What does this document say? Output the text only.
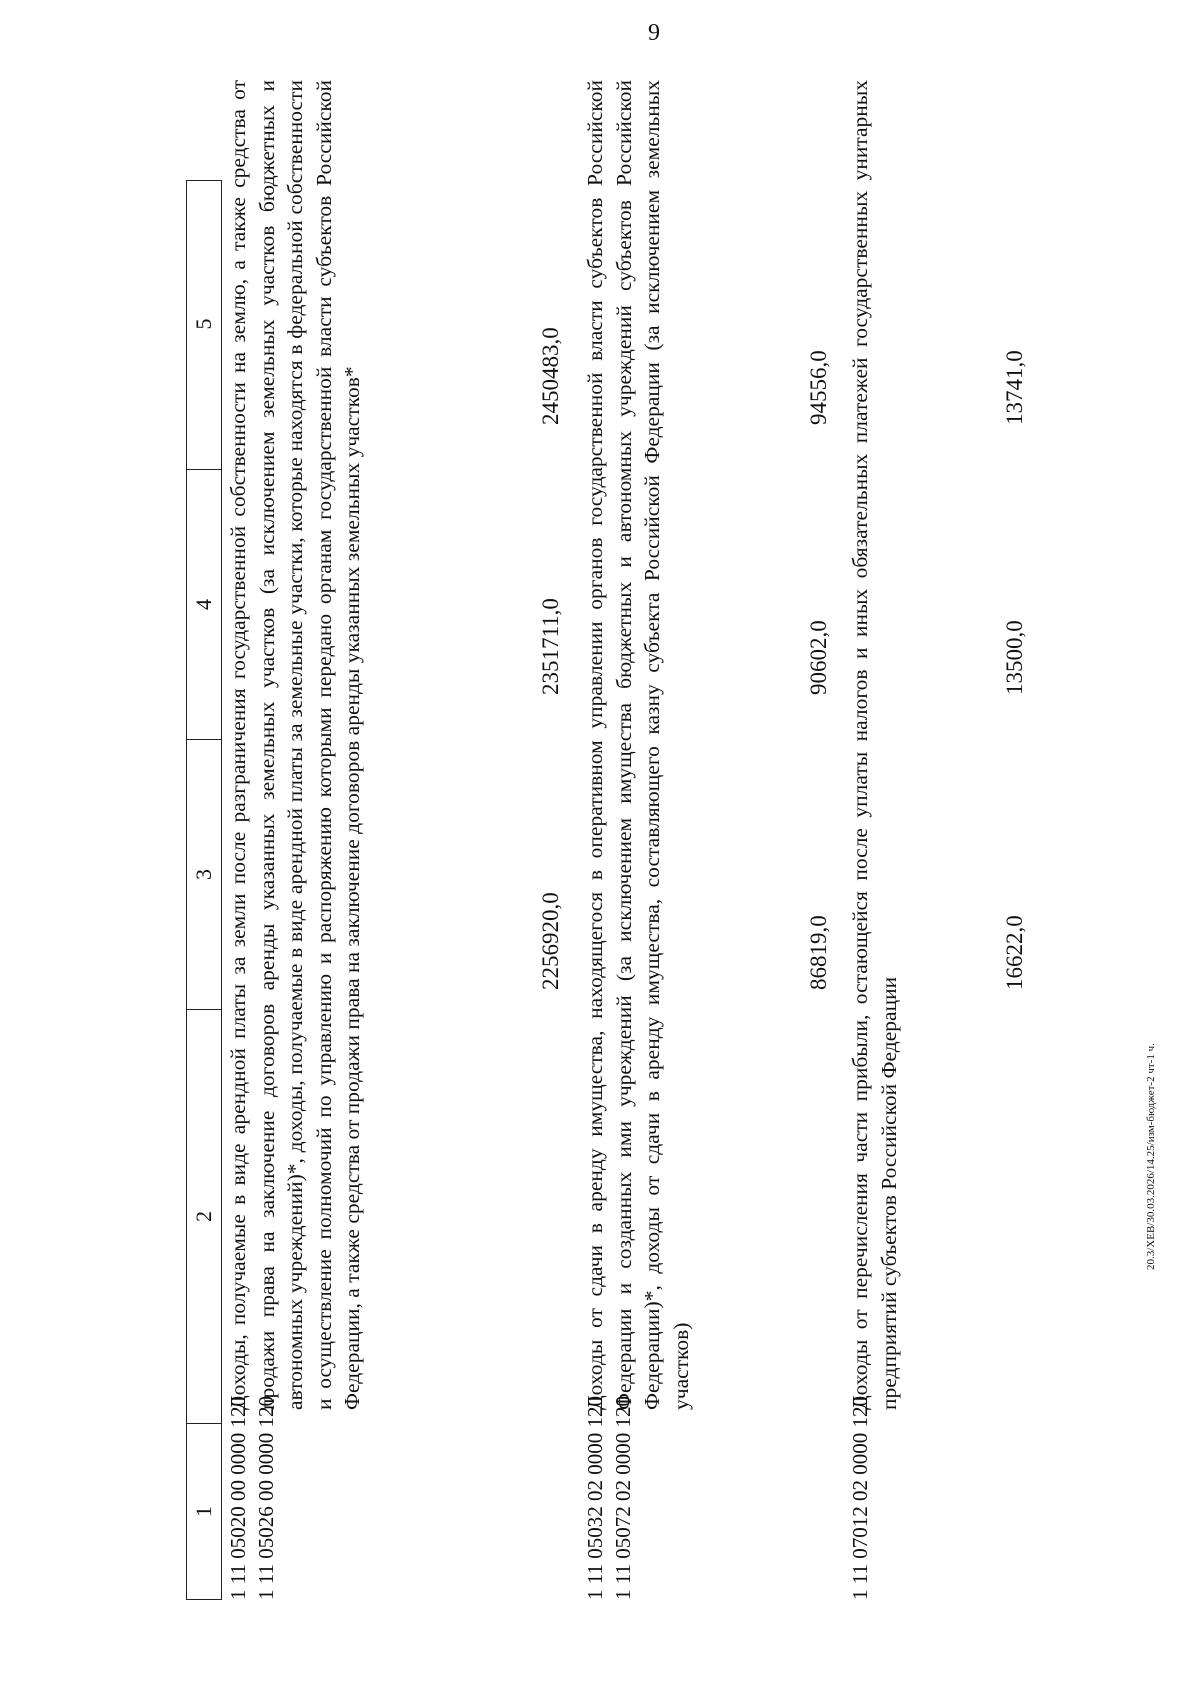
9
1
2
3
4
5
1 11 05020 00 0000 120 1 11 05026 00 0000 120
Доходы, получаемые в виде арендной платы за земли после разграничения государственной собственности на землю, а также средства от продажи права на заключение договоров аренды указанных земельных участков (за исключением земельных участков бюджетных и автономных учреждений)*, доходы, получаемые в виде арендной платы за земельные участки, которые находятся в федеральной собственности и осуществление полномочий по управлению и распоряжению которыми передано органам государственной власти субъектов Российской Федерации, а также средства от продажи права на заключение договоров аренды указанных земельных участков*
1 11 05032 02 0000 120 1 11 05072 02 0000 120
Доходы от сдачи в аренду имущества, находящегося в оперативном управлении органов государственной власти субъектов Российской Федерации и созданных ими учреждений (за исключением имущества бюджетных и автономных учреждений субъектов Российской Федерации)*, доходы от сдачи в аренду имущества, составляющего казну субъекта Российской Федерации (за исключением земельных участков)
1 11 07012 02 0000 120
Доходы от перечисления части прибыли, остающейся после уплаты налогов и иных обязательных платежей государственных унитарных предприятий субъектов Российской Федерации
2256920,0
2351711,0
2450483,0
86819,0
90602,0
94556,0
16622,0
13500,0
13741,0
20.3/ХЕВ/30.03.2026/14.25/изм-бюджет-2 чт-1 ч.
